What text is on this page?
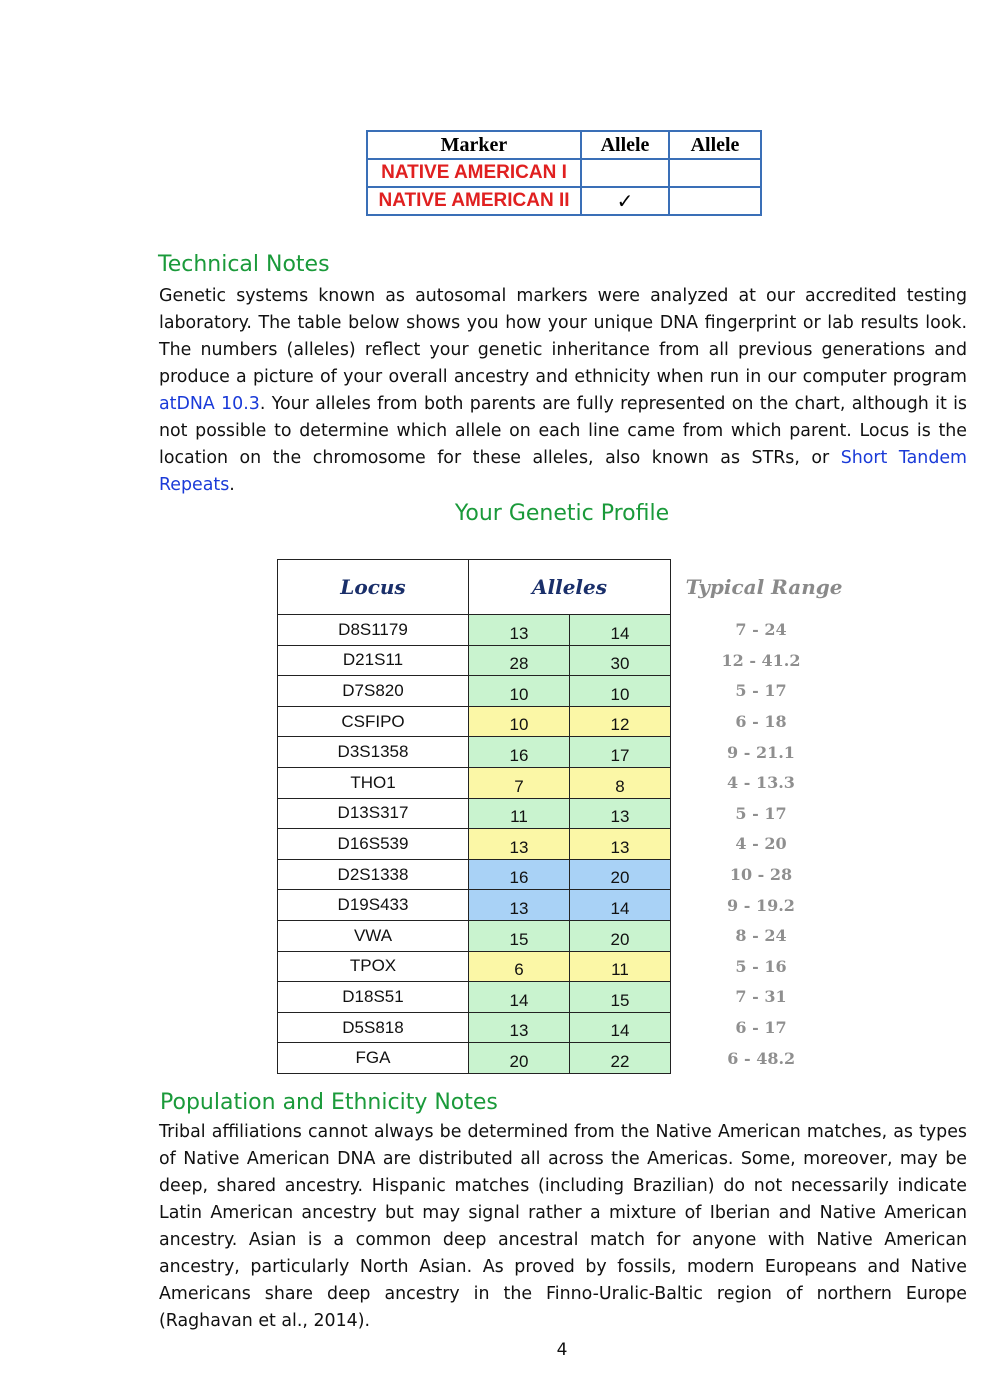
Marker	Allele	Allele
NATIVE AMERICAN I		
NATIVE AMERICAN II	✓	
Technical Notes

Genetic systems known as autosomal markers were analyzed at our accredited testing laboratory. The table below shows you how your unique DNA fingerprint or lab results look. The numbers (alleles) reflect your genetic inheritance from all previous generations and produce a picture of your overall ancestry and ethnicity when run in our computer program atDNA 10.3. Your alleles from both parents are fully represented on the chart, although it is not possible to determine which allele on each line came from which parent. Locus is the location on the chromosome for these alleles, also known as STRs, or Short Tandem Repeats.

Your Genetic Profile
Locus	Alleles		Typical Range
D8S1179	13	14	7 - 24
D21S11	28	30	12 - 41.2
D7S820	10	10	5 - 17
CSFIPO	10	12	6 - 18
D3S1358	16	17	9 - 21.1
THO1	7	8	4 - 13.3
D13S317	11	13	5 - 17
D16S539	13	13	4 - 20
D2S1338	16	20	10 - 28
D19S433	13	14	9 - 19.2
VWA	15	20	8 - 24
TPOX	6	11	5 - 16
D18S51	14	15	7 - 31
D5S818	13	14	6 - 17
FGA	20	22	6 - 48.2
Population and Ethnicity Notes

Tribal affiliations cannot always be determined from the Native American matches, as types of Native American DNA are distributed all across the Americas. Some, moreover, may be deep, shared ancestry. Hispanic matches (including Brazilian) do not necessarily indicate Latin American ancestry but may signal rather a mixture of Iberian and Native American ancestry. Asian is a common deep ancestral match for anyone with Native American ancestry, particularly North Asian. As proved by fossils, modern Europeans and Native Americans share deep ancestry in the Finno-Uralic-Baltic region of northern Europe (Raghavan et al., 2014).

4
